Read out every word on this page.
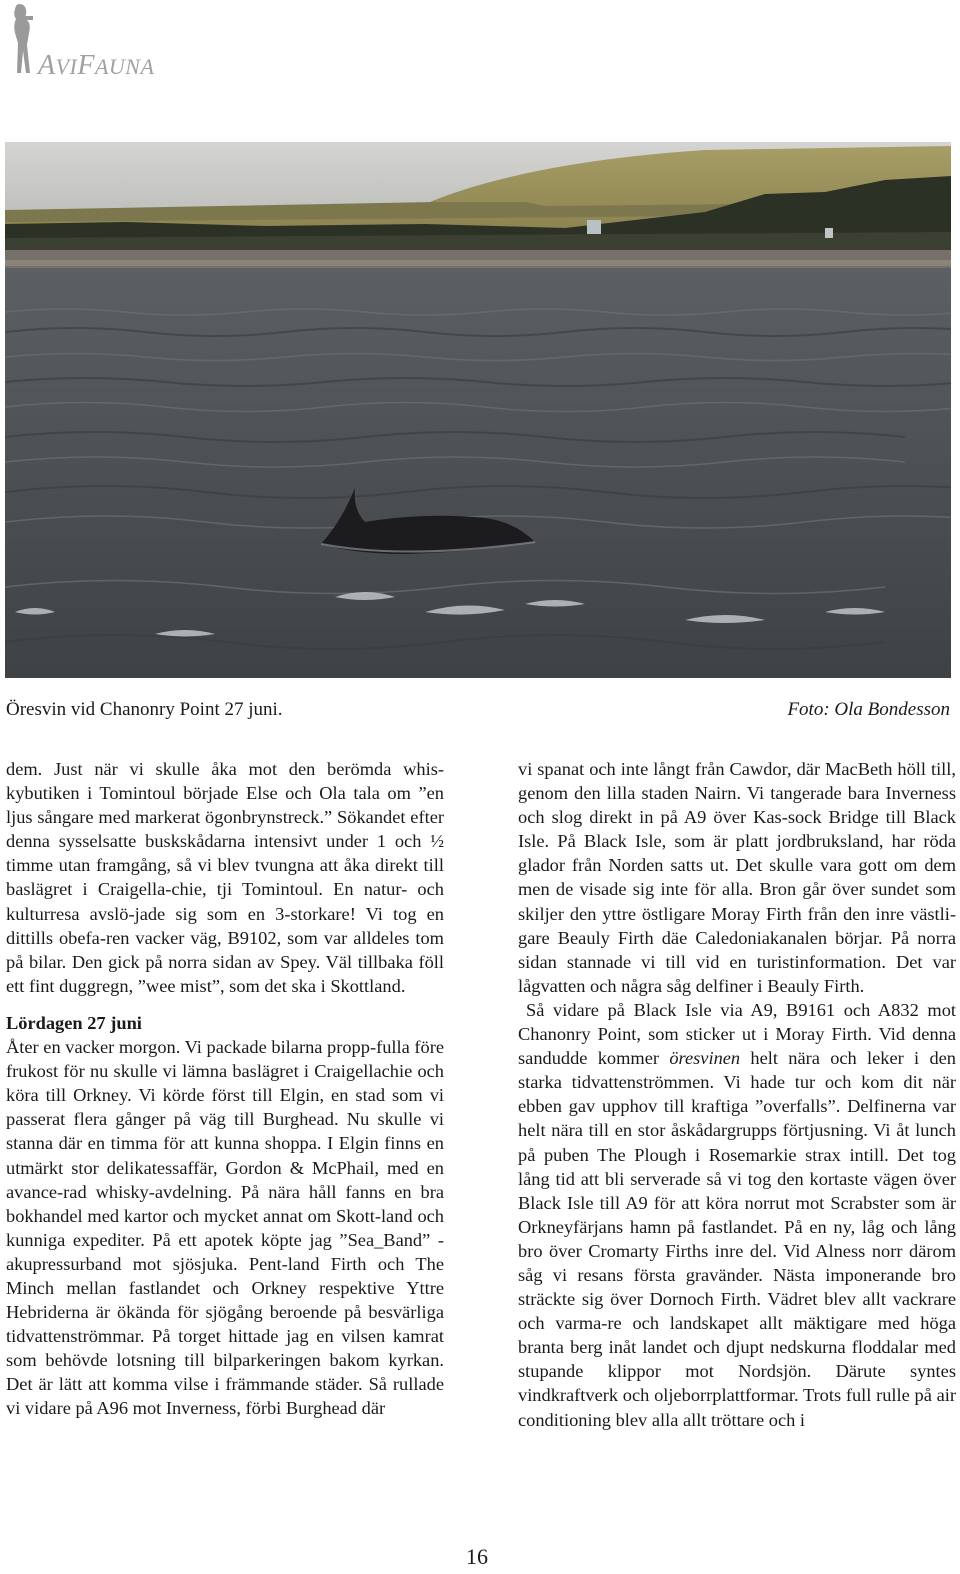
AVIFAUNA
Öresvin vid Chanonry Point 27 juni.	Foto: Ola Bondesson

dem. Just när vi skulle åka mot den berömda whis-kybutiken i Tomintoul började Else och Ola tala om ”en ljus sångare med markerat ögonbrynstreck.” Sökandet efter denna sysselsatte buskskådarna intensivt under 1 och ½ timme utan framgång, så vi blev tvungna att åka direkt till baslägret i Craigella-chie, tji Tomintoul. En natur- och kulturresa avslö-jade sig som en 3-storkare! Vi tog en dittills obefa-ren vacker väg, B9102, som var alldeles tom på bilar. Den gick på norra sidan av Spey. Väl tillbaka föll ett fint duggregn, ”wee mist”, som det ska i Skottland.

Lördagen 27 juni

Åter en vacker morgon. Vi packade bilarna propp-fulla före frukost för nu skulle vi lämna baslägret i Craigellachie och köra till Orkney. Vi körde först till Elgin, en stad som vi passerat flera gånger på väg till Burghead. Nu skulle vi stanna där en timma för att kunna shoppa. I Elgin finns en utmärkt stor delikatessaffär, Gordon & McPhail, med en avance-rad whisky-avdelning. På nära håll fanns en bra bokhandel med kartor och mycket annat om Skott-land och kunniga expediter. På ett apotek köpte jag ”Sea_Band” - akupressurband mot sjösjuka. Pent-land Firth och The Minch mellan fastlandet och Orkney respektive Yttre Hebriderna är ökända för sjögång beroende på besvärliga tidvattenströmmar. På torget hittade jag en vilsen kamrat som behövde lotsning till bilparkeringen bakom kyrkan. Det är lätt att komma vilse i främmande städer. Så rullade vi vidare på A96 mot Inverness, förbi Burghead där

vi spanat och inte långt från Cawdor, där MacBeth höll till, genom den lilla staden Nairn. Vi tangerade bara Inverness och slog direkt in på A9 över Kas-sock Bridge till Black Isle. På Black Isle, som är platt jordbruksland, har röda glador från Norden satts ut. Det skulle vara gott om dem men de visade sig inte för alla. Bron går över sundet som skiljer den yttre östligare Moray Firth från den inre västli-gare Beauly Firth däe Caledoniakanalen börjar. På norra sidan stannade vi till vid en turistinformation. Det var lågvatten och några såg delfiner i Beauly Firth.

Så vidare på Black Isle via A9, B9161 och A832 mot Chanonry Point, som sticker ut i Moray Firth. Vid denna sandudde kommer öresvinen helt nära och leker i den starka tidvattenströmmen. Vi hade tur och kom dit när ebben gav upphov till kraftiga ”overfalls”. Delfinerna var helt nära till en stor åskådargrupps förtjusning. Vi åt lunch på puben The Plough i Rosemarkie strax intill. Det tog lång tid att bli serverade så vi tog den kortaste vägen över Black Isle till A9 för att köra norrut mot Scrabster som är Orkneyfärjans hamn på fastlandet. På en ny, låg och lång bro över Cromarty Firths inre del. Vid Alness norr därom såg vi resans första gravänder. Nästa imponerande bro sträckte sig över Dornoch Firth. Vädret blev allt vackrare och varma-re och landskapet allt mäktigare med höga branta berg inåt landet och djupt nedskurna floddalar med stupande klippor mot Nordsjön. Därute syntes vindkraftverk och oljeborrplattformar. Trots full rulle på air conditioning blev alla allt tröttare och i

16
